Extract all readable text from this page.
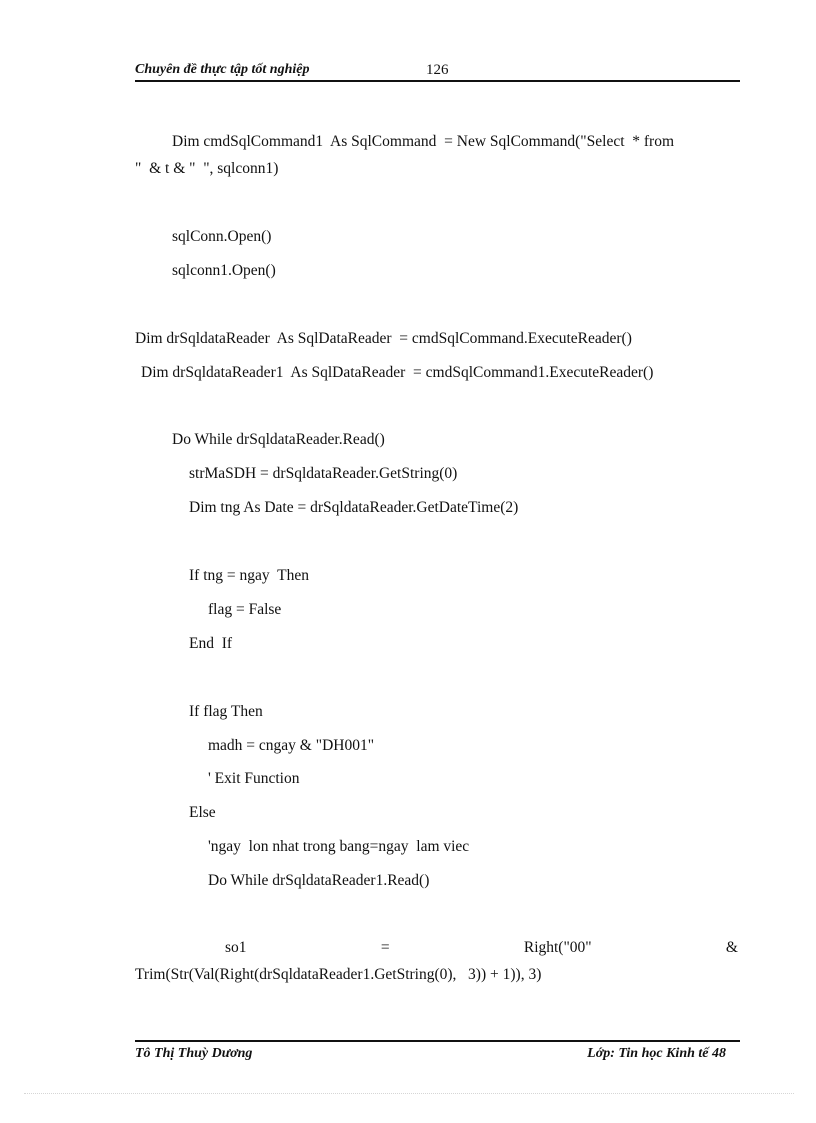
Chuyên đề thực tập tốt nghiệp	126
Dim cmdSqlCommand1  As SqlCommand  = New SqlCommand("Select  * from
"  & t & "  ", sqlconn1)
sqlConn.Open()
sqlconn1.Open()
Dim drSqldataReader  As SqlDataReader  = cmdSqlCommand.ExecuteReader()
Dim drSqldataReader1  As SqlDataReader  = cmdSqlCommand1.ExecuteReader()
Do While drSqldataReader.Read()
strMaSDH = drSqldataReader.GetString(0)
Dim tng As Date = drSqldataReader.GetDateTime(2)
If tng = ngay  Then
flag = False
End  If
If flag Then
madh = cngay & "DH001"
' Exit Function
Else
'ngay  lon nhat trong bang=ngay  lam viec
Do While drSqldataReader1.Read()
so1	=	Right("00"	&
Trim(Str(Val(Right(drSqldataReader1.GetString(0),   3)) + 1)), 3)
Tô Thị Thuỳ Dương	Lớp: Tin học Kinh tế 48
